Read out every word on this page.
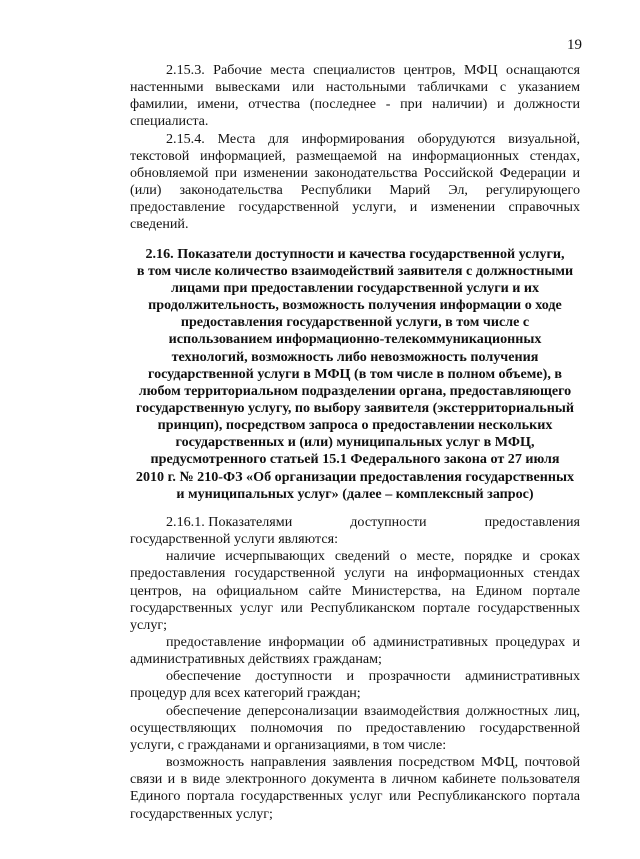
19

2.15.3. Рабочие места специалистов центров, МФЦ оснащаются настенными вывесками или настольными табличками с указанием фамилии, имени, отчества (последнее - при наличии) и должности специалиста.

2.15.4. Места для информирования оборудуются визуальной, текстовой информацией, размещаемой на информационных стендах, обновляемой при изменении законодательства Российской Федерации и (или) законодательства Республики Марий Эл, регулирующего предоставление государственной услуги, и изменении справочных сведений.

2.16. Показатели доступности и качества государственной услуги,
в том числе количество взаимодействий заявителя с должностными
лицами при предоставлении государственной услуги и их
продолжительность, возможность получения информации о ходе
предоставления государственной услуги, в том числе с
использованием информационно-телекоммуникационных
технологий, возможность либо невозможность получения
государственной услуги в МФЦ (в том числе в полном объеме), в
любом территориальном подразделении органа, предоставляющего
государственную услугу, по выбору заявителя (экстерриториальный
принцип), посредством запроса о предоставлении нескольких
государственных и (или) муниципальных услуг в МФЦ,
предусмотренного статьей 15.1 Федерального закона от 27 июля
2010 г. № 210-ФЗ «Об организации предоставления государственных
и муниципальных услуг» (далее – комплексный запрос)
2.16.1. Показателями	доступности	предоставления

государственной услуги являются:

наличие исчерпывающих сведений о месте, порядке и сроках предоставления государственной услуги на информационных стендах центров, на официальном сайте Министерства, на Едином портале государственных услуг или Республиканском портале государственных услуг;

предоставление информации об административных процедурах и административных действиях гражданам;

обеспечение доступности и прозрачности административных процедур для всех категорий граждан;

обеспечение деперсонализации взаимодействия должностных лиц, осуществляющих полномочия по предоставлению государственной услуги, с гражданами и организациями, в том числе:

возможность направления заявления посредством МФЦ, почтовой связи и в виде электронного документа в личном кабинете пользователя Единого портала государственных услуг или Республиканского портала государственных услуг;
